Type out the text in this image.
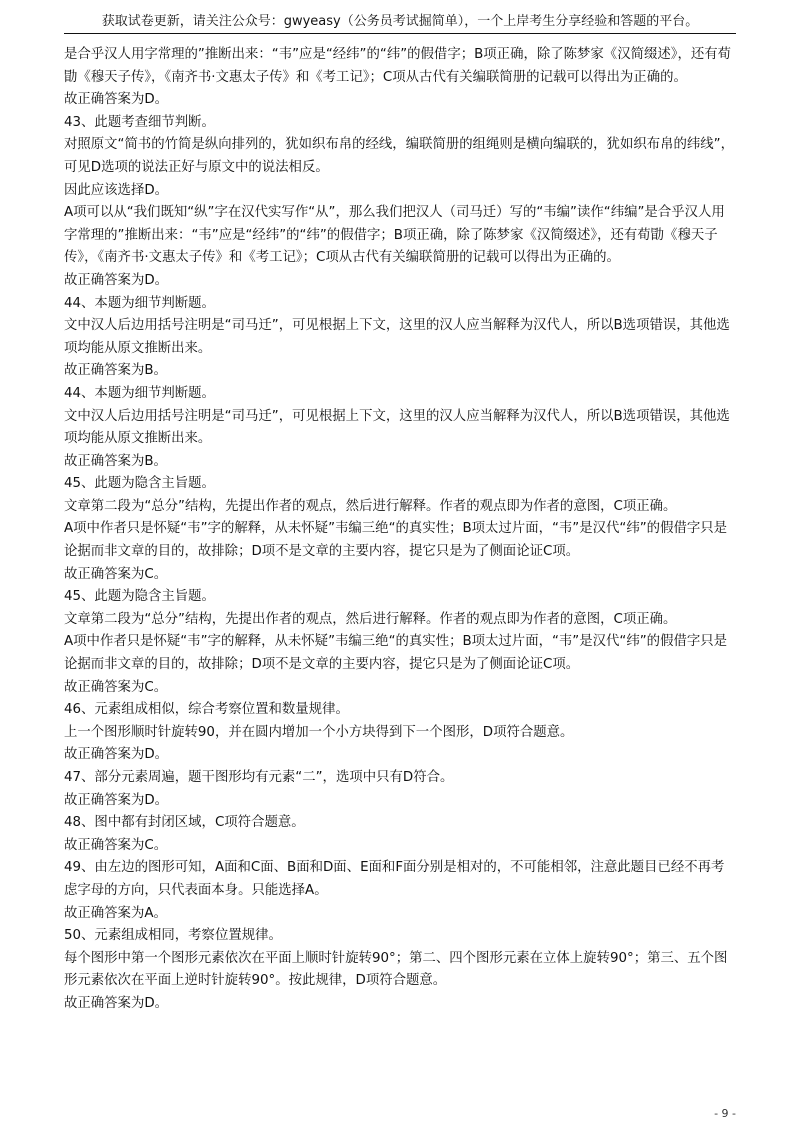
获取试卷更新，请关注公众号：gwyeasy（公务员考试掘简单），一个上岸考生分享经验和答题的平台。

是合乎汉人用字常理的”推断出来：“韦”应是“经纬”的“纬”的假借字；B项正确，除了陈梦家《汉简缀述》，还有荀勖《穆天子传》，《南齐书·文惠太子传》和《考工记》；C项从古代有关编联简册的记载可以得出为正确的。

故正确答案为D。

43、此题考查细节判断。

对照原文“简书的竹简是纵向排列的，犹如织布帛的经线，编联简册的组绳则是横向编联的，犹如织布帛的纬线”，可见D选项的说法正好与原文中的说法相反。

因此应该选择D。

A项可以从“我们既知“纵”字在汉代实写作“从”，那么我们把汉人（司马迁）写的“韦编”读作“纬编”是合乎汉人用字常理的”推断出来：“韦”应是“经纬”的“纬”的假借字；B项正确，除了陈梦家《汉简缀述》，还有荀勖《穆天子传》，《南齐书·文惠太子传》和《考工记》；C项从古代有关编联简册的记载可以得出为正确的。

故正确答案为D。

44、本题为细节判断题。

文中汉人后边用括号注明是“司马迁”，可见根据上下文，这里的汉人应当解释为汉代人，所以B选项错误，其他选项均能从原文推断出来。

故正确答案为B。

44、本题为细节判断题。

文中汉人后边用括号注明是“司马迁”，可见根据上下文，这里的汉人应当解释为汉代人，所以B选项错误，其他选项均能从原文推断出来。

故正确答案为B。

45、此题为隐含主旨题。

文章第二段为“总分”结构，先提出作者的观点，然后进行解释。作者的观点即为作者的意图，C项正确。

A项中作者只是怀疑“韦”字的解释，从未怀疑”韦编三绝“的真实性；B项太过片面，“韦”是汉代“纬”的假借字只是论据而非文章的目的，故排除；D项不是文章的主要内容，提它只是为了侧面论证C项。

故正确答案为C。

45、此题为隐含主旨题。

文章第二段为“总分”结构，先提出作者的观点，然后进行解释。作者的观点即为作者的意图，C项正确。

A项中作者只是怀疑“韦”字的解释，从未怀疑”韦编三绝“的真实性；B项太过片面，“韦”是汉代“纬”的假借字只是论据而非文章的目的，故排除；D项不是文章的主要内容，提它只是为了侧面论证C项。

故正确答案为C。

46、元素组成相似，综合考察位置和数量规律。

上一个图形顺时针旋转90，并在圆内增加一个小方块得到下一个图形，D项符合题意。

故正确答案为D。

47、部分元素周遍，题干图形均有元素“二”，选项中只有D符合。

故正确答案为D。

48、图中都有封闭区域，C项符合题意。

故正确答案为C。

49、由左边的图形可知，A面和C面、B面和D面、E面和F面分别是相对的，不可能相邻，注意此题目已经不再考虑字母的方向，只代表面本身。只能选择A。

故正确答案为A。

50、元素组成相同，考察位置规律。

每个图形中第一个图形元素依次在平面上顺时针旋转90°；第二、四个图形元素在立体上旋转90°；第三、五个图形元素依次在平面上逆时针旋转90°。按此规律，D项符合题意。

故正确答案为D。

- 9 -
